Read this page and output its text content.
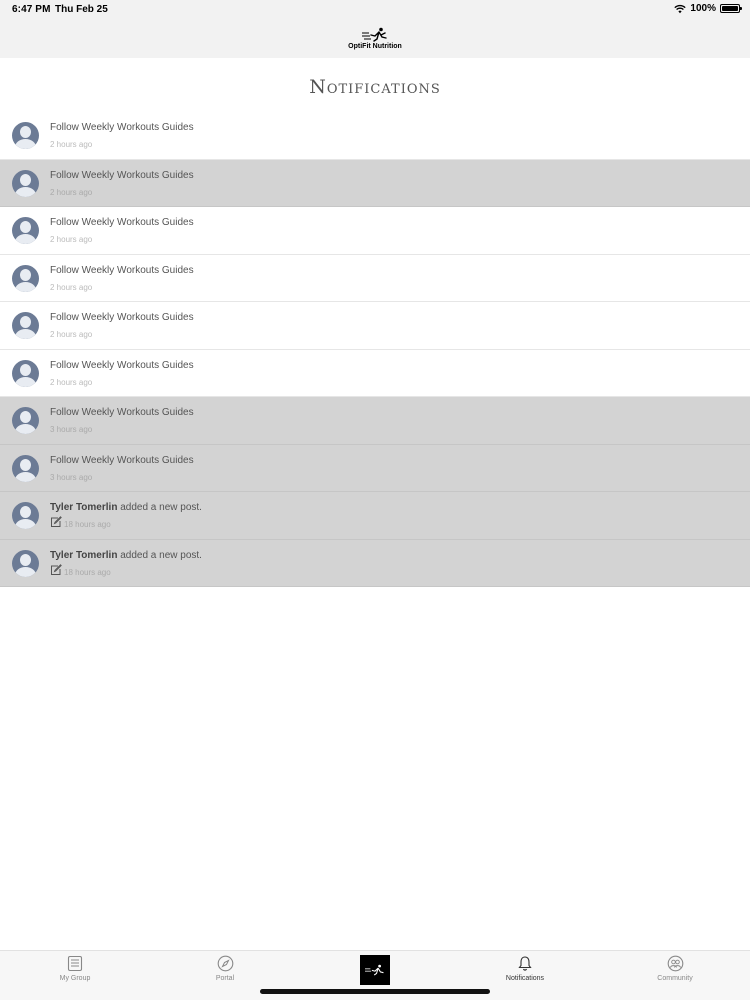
6:47 PM Thu Feb 25	100%
OptiFit Nutrition
Notifications
Follow Weekly Workouts Guides
2 hours ago
Follow Weekly Workouts Guides
2 hours ago
Follow Weekly Workouts Guides
2 hours ago
Follow Weekly Workouts Guides
2 hours ago
Follow Weekly Workouts Guides
2 hours ago
Follow Weekly Workouts Guides
2 hours ago
Follow Weekly Workouts Guides
3 hours ago
Follow Weekly Workouts Guides
3 hours ago
Tyler Tomerlin added a new post.
18 hours ago
Tyler Tomerlin added a new post.
18 hours ago
My Group	Portal	Notifications	Community
